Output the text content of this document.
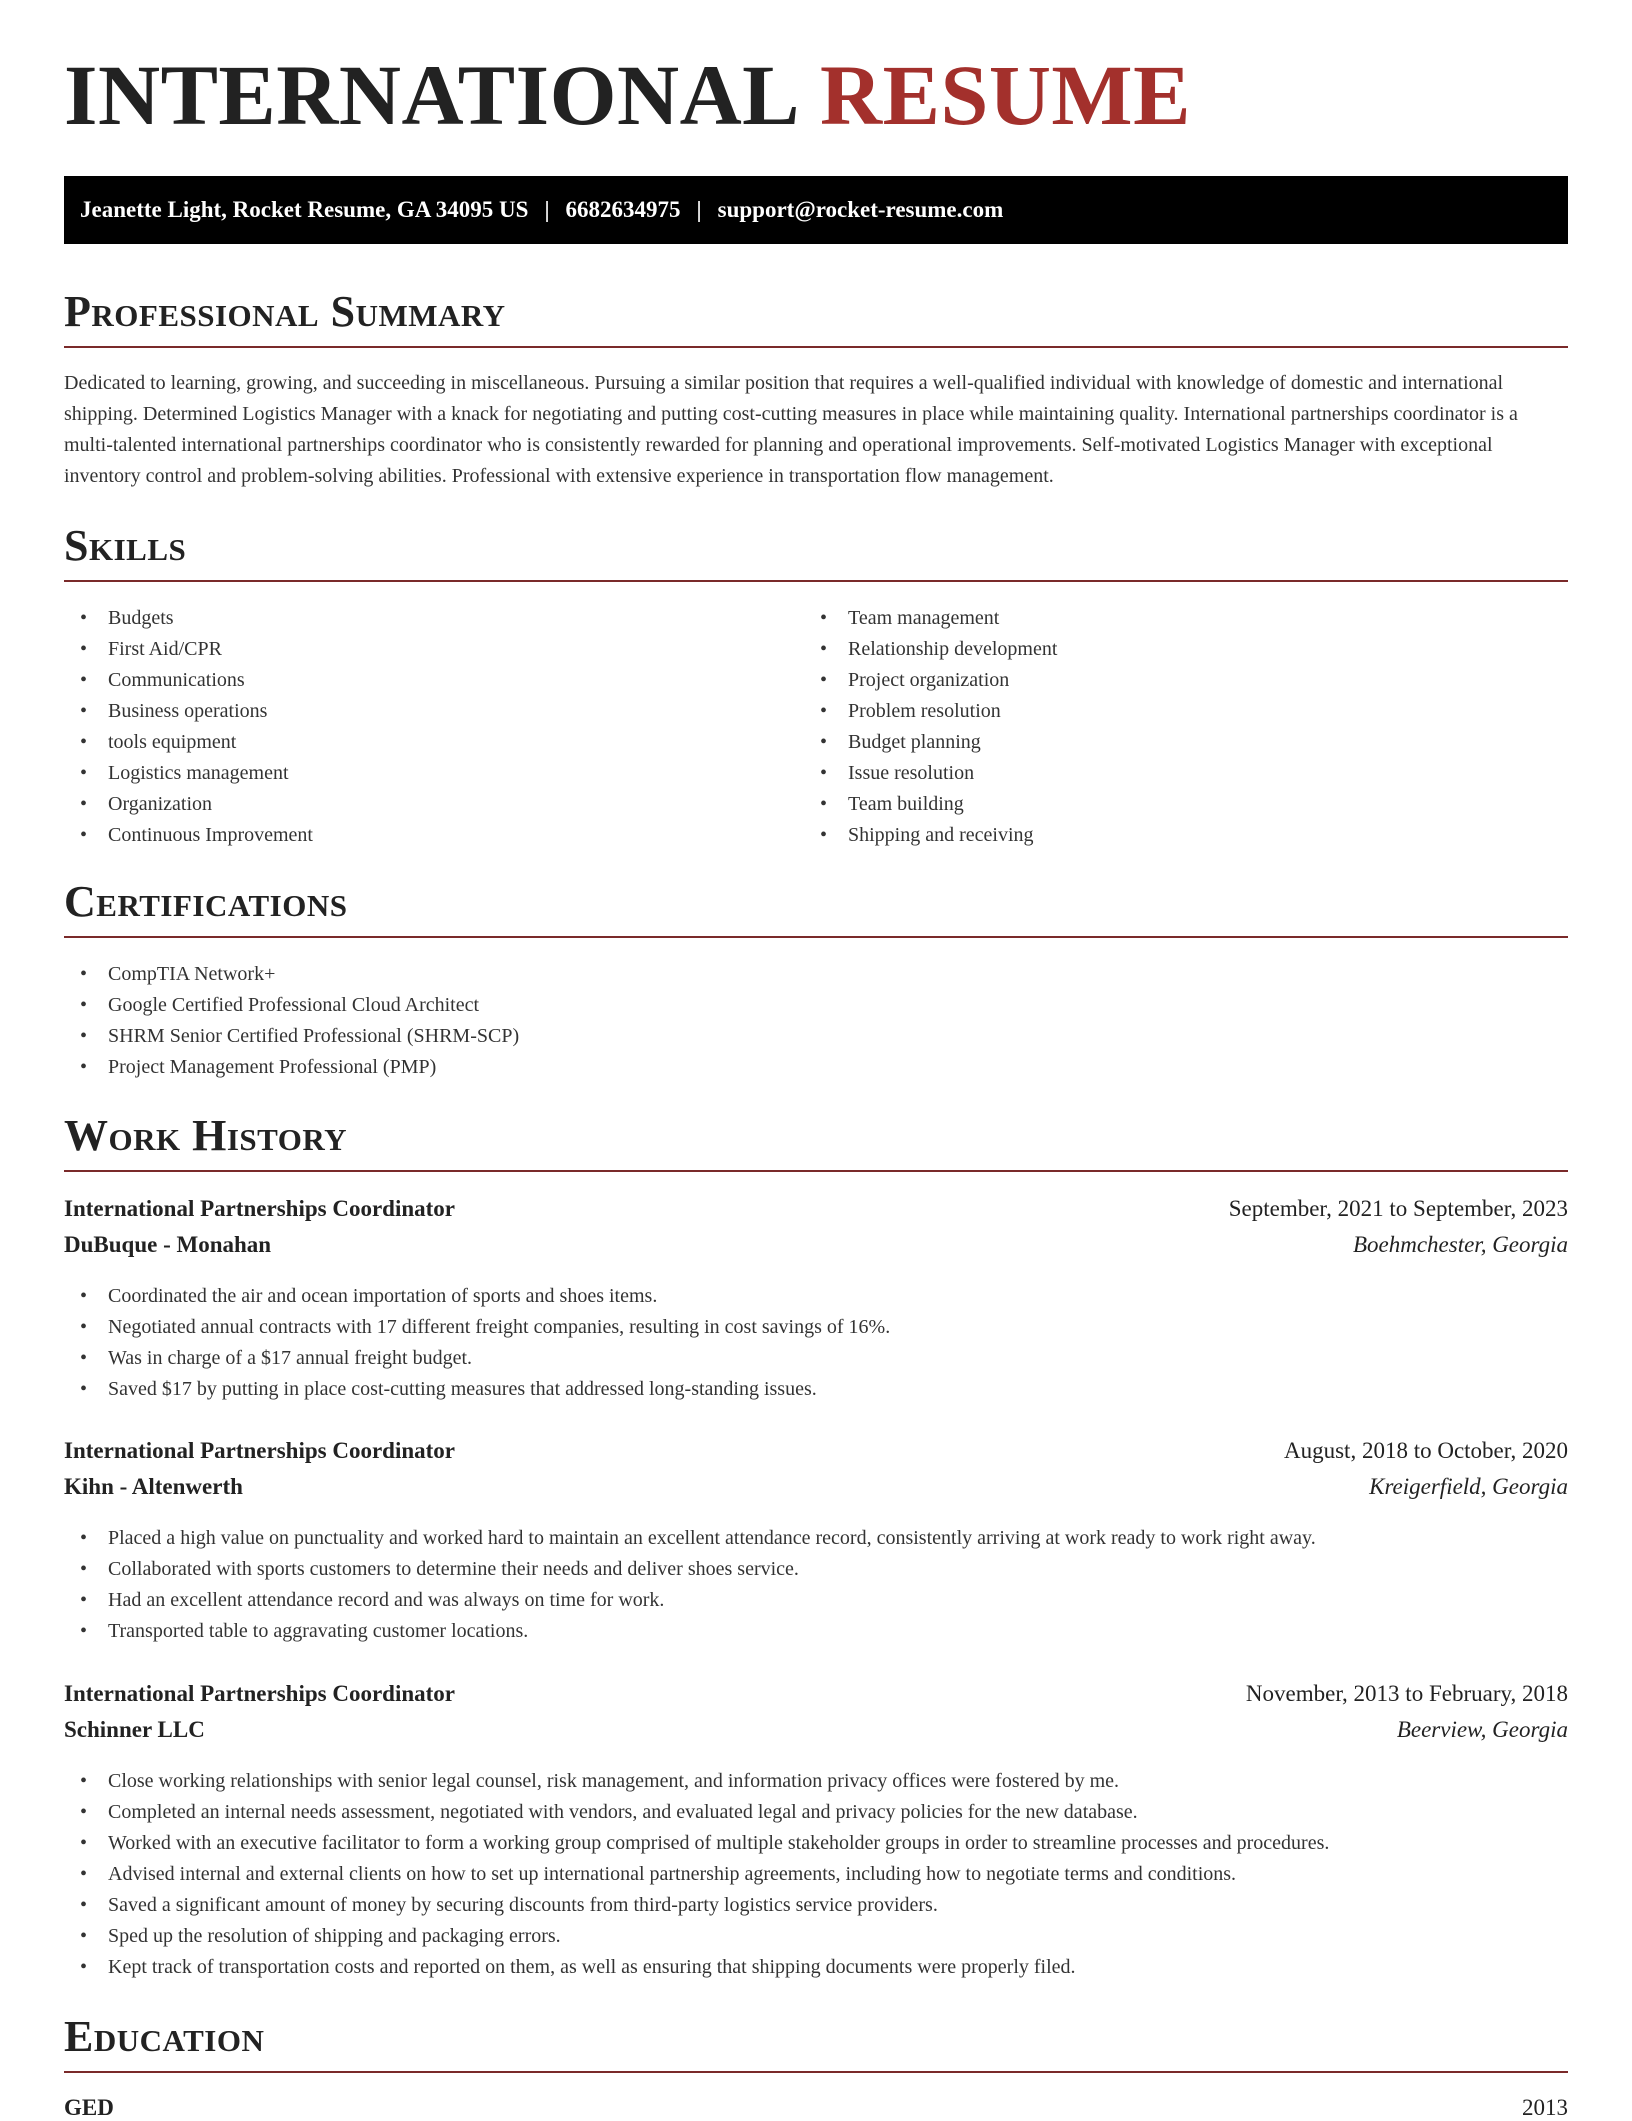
INTERNATIONAL RESUME
Jeanette Light, Rocket Resume, GA 34095 US | 6682634975 | support@rocket-resume.com
Professional Summary
Dedicated to learning, growing, and succeeding in miscellaneous. Pursuing a similar position that requires a well-qualified individual with knowledge of domestic and international shipping. Determined Logistics Manager with a knack for negotiating and putting cost-cutting measures in place while maintaining quality. International partnerships coordinator is a multi-talented international partnerships coordinator who is consistently rewarded for planning and operational improvements. Self-motivated Logistics Manager with exceptional inventory control and problem-solving abilities. Professional with extensive experience in transportation flow management.
Skills
• Budgets
• First Aid/CPR
• Communications
• Business operations
• tools equipment
• Logistics management
• Organization
• Continuous Improvement
• Team management
• Relationship development
• Project organization
• Problem resolution
• Budget planning
• Issue resolution
• Team building
• Shipping and receiving
Certifications
• CompTIA Network+
• Google Certified Professional Cloud Architect
• SHRM Senior Certified Professional (SHRM-SCP)
• Project Management Professional (PMP)
Work History
International Partnerships Coordinator	September, 2021 to September, 2023
DuBuque - Monahan	Boehmchester, Georgia
• Coordinated the air and ocean importation of sports and shoes items.
• Negotiated annual contracts with 17 different freight companies, resulting in cost savings of 16%.
• Was in charge of a $17 annual freight budget.
• Saved $17 by putting in place cost-cutting measures that addressed long-standing issues.
International Partnerships Coordinator	August, 2018 to October, 2020
Kihn - Altenwerth	Kreigerfield, Georgia
• Placed a high value on punctuality and worked hard to maintain an excellent attendance record, consistently arriving at work ready to work right away.
• Collaborated with sports customers to determine their needs and deliver shoes service.
• Had an excellent attendance record and was always on time for work.
• Transported table to aggravating customer locations.
International Partnerships Coordinator	November, 2013 to February, 2018
Schinner LLC	Beerview, Georgia
• Close working relationships with senior legal counsel, risk management, and information privacy offices were fostered by me.
• Completed an internal needs assessment, negotiated with vendors, and evaluated legal and privacy policies for the new database.
• Worked with an executive facilitator to form a working group comprised of multiple stakeholder groups in order to streamline processes and procedures.
• Advised internal and external clients on how to set up international partnership agreements, including how to negotiate terms and conditions.
• Saved a significant amount of money by securing discounts from third-party logistics service providers.
• Sped up the resolution of shipping and packaging errors.
• Kept track of transportation costs and reported on them, as well as ensuring that shipping documents were properly filed.
Education
GED	2013
